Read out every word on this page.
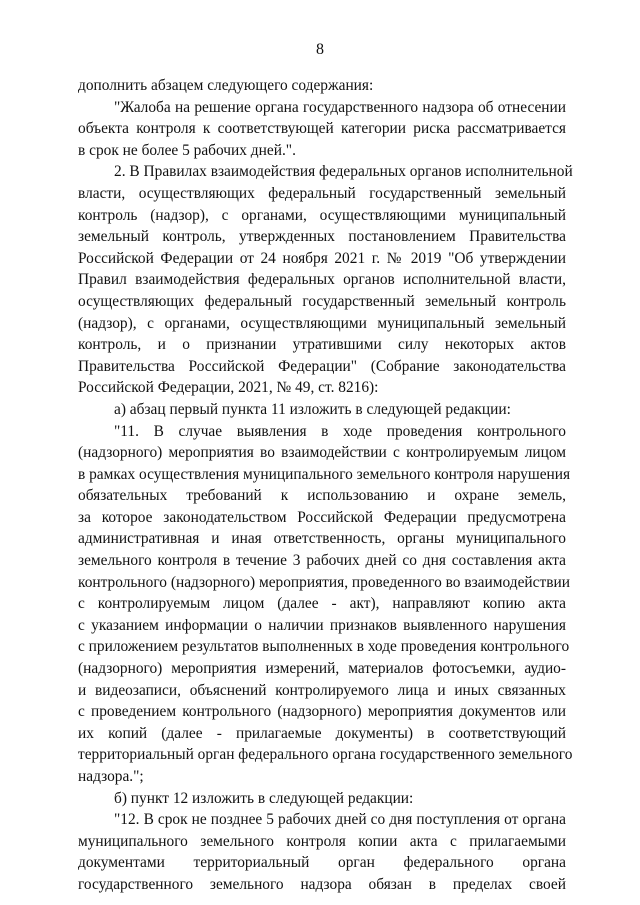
8
дополнить абзацем следующего содержания:
"Жалоба на решение органа государственного надзора об отнесении
объекта контроля к соответствующей категории риска рассматривается
в срок не более 5 рабочих дней.".
2. В Правилах взаимодействия федеральных органов исполнительной
власти, осуществляющих федеральный государственный земельный
контроль (надзор), с органами, осуществляющими муниципальный
земельный контроль, утвержденных постановлением Правительства
Российской Федерации от 24 ноября 2021 г. № 2019 "Об утверждении
Правил взаимодействия федеральных органов исполнительной власти,
осуществляющих федеральный государственный земельный контроль
(надзор), с органами, осуществляющими муниципальный земельный
контроль, и о признании утратившими силу некоторых актов
Правительства Российской Федерации" (Собрание законодательства
Российской Федерации, 2021, № 49, ст. 8216):
а) абзац первый пункта 11 изложить в следующей редакции:
"11. В случае выявления в ходе проведения контрольного
(надзорного) мероприятия во взаимодействии с контролируемым лицом
в рамках осуществления муниципального земельного контроля нарушения
обязательных требований к использованию и охране земель,
за которое законодательством Российской Федерации предусмотрена
административная и иная ответственность, органы муниципального
земельного контроля в течение 3 рабочих дней со дня составления акта
контрольного (надзорного) мероприятия, проведенного во взаимодействии
с контролируемым лицом (далее - акт), направляют копию акта
с указанием информации о наличии признаков выявленного нарушения
с приложением результатов выполненных в ходе проведения контрольного
(надзорного) мероприятия измерений, материалов фотосъемки, аудио-
и видеозаписи, объяснений контролируемого лица и иных связанных
с проведением контрольного (надзорного) мероприятия документов или
их копий (далее - прилагаемые документы) в соответствующий
территориальный орган федерального органа государственного земельного
надзора.";
б) пункт 12 изложить в следующей редакции:
"12. В срок не позднее 5 рабочих дней со дня поступления от органа
муниципального земельного контроля копии акта с прилагаемыми
документами территориальный орган федерального органа
государственного земельного надзора обязан в пределах своей
